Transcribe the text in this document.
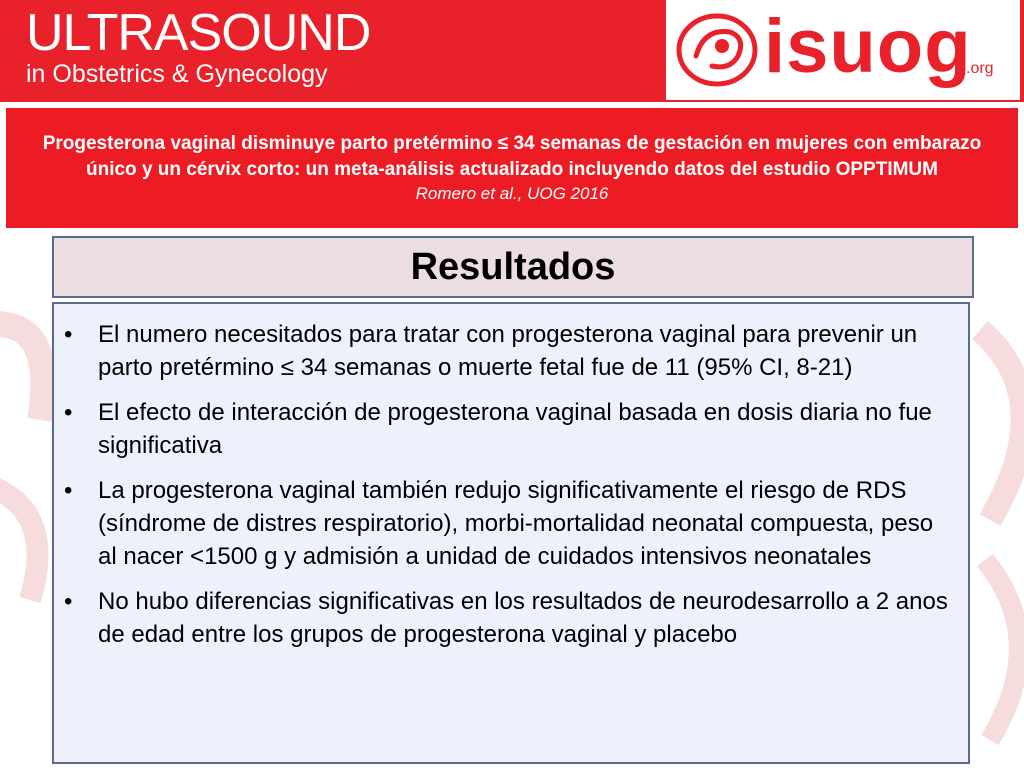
ULTRASOUND
in Obstetrics & Gynecology	isuog
.org
Progesterona vaginal disminuye parto pretérmino ≤ 34 semanas de gestación en mujeres con embarazo único y un cérvix corto: un meta-análisis actualizado incluyendo datos del estudio OPPTIMUM
Romero et al., UOG 2016
Resultados
• El numero necesitados para tratar con progesterona vaginal para prevenir un parto pretérmino ≤ 34 semanas o muerte fetal fue de 11 (95% CI, 8-21)
• El efecto de interacción de progesterona vaginal basada en dosis diaria no fue significativa
• La progesterona vaginal también redujo significativamente el riesgo de RDS (síndrome de distres respiratorio), morbi-mortalidad neonatal compuesta, peso al nacer <1500 g y admisión a unidad de cuidados intensivos neonatales
• No hubo diferencias significativas en los resultados de neurodesarrollo a 2 anos de edad entre los grupos de progesterona vaginal y placebo
